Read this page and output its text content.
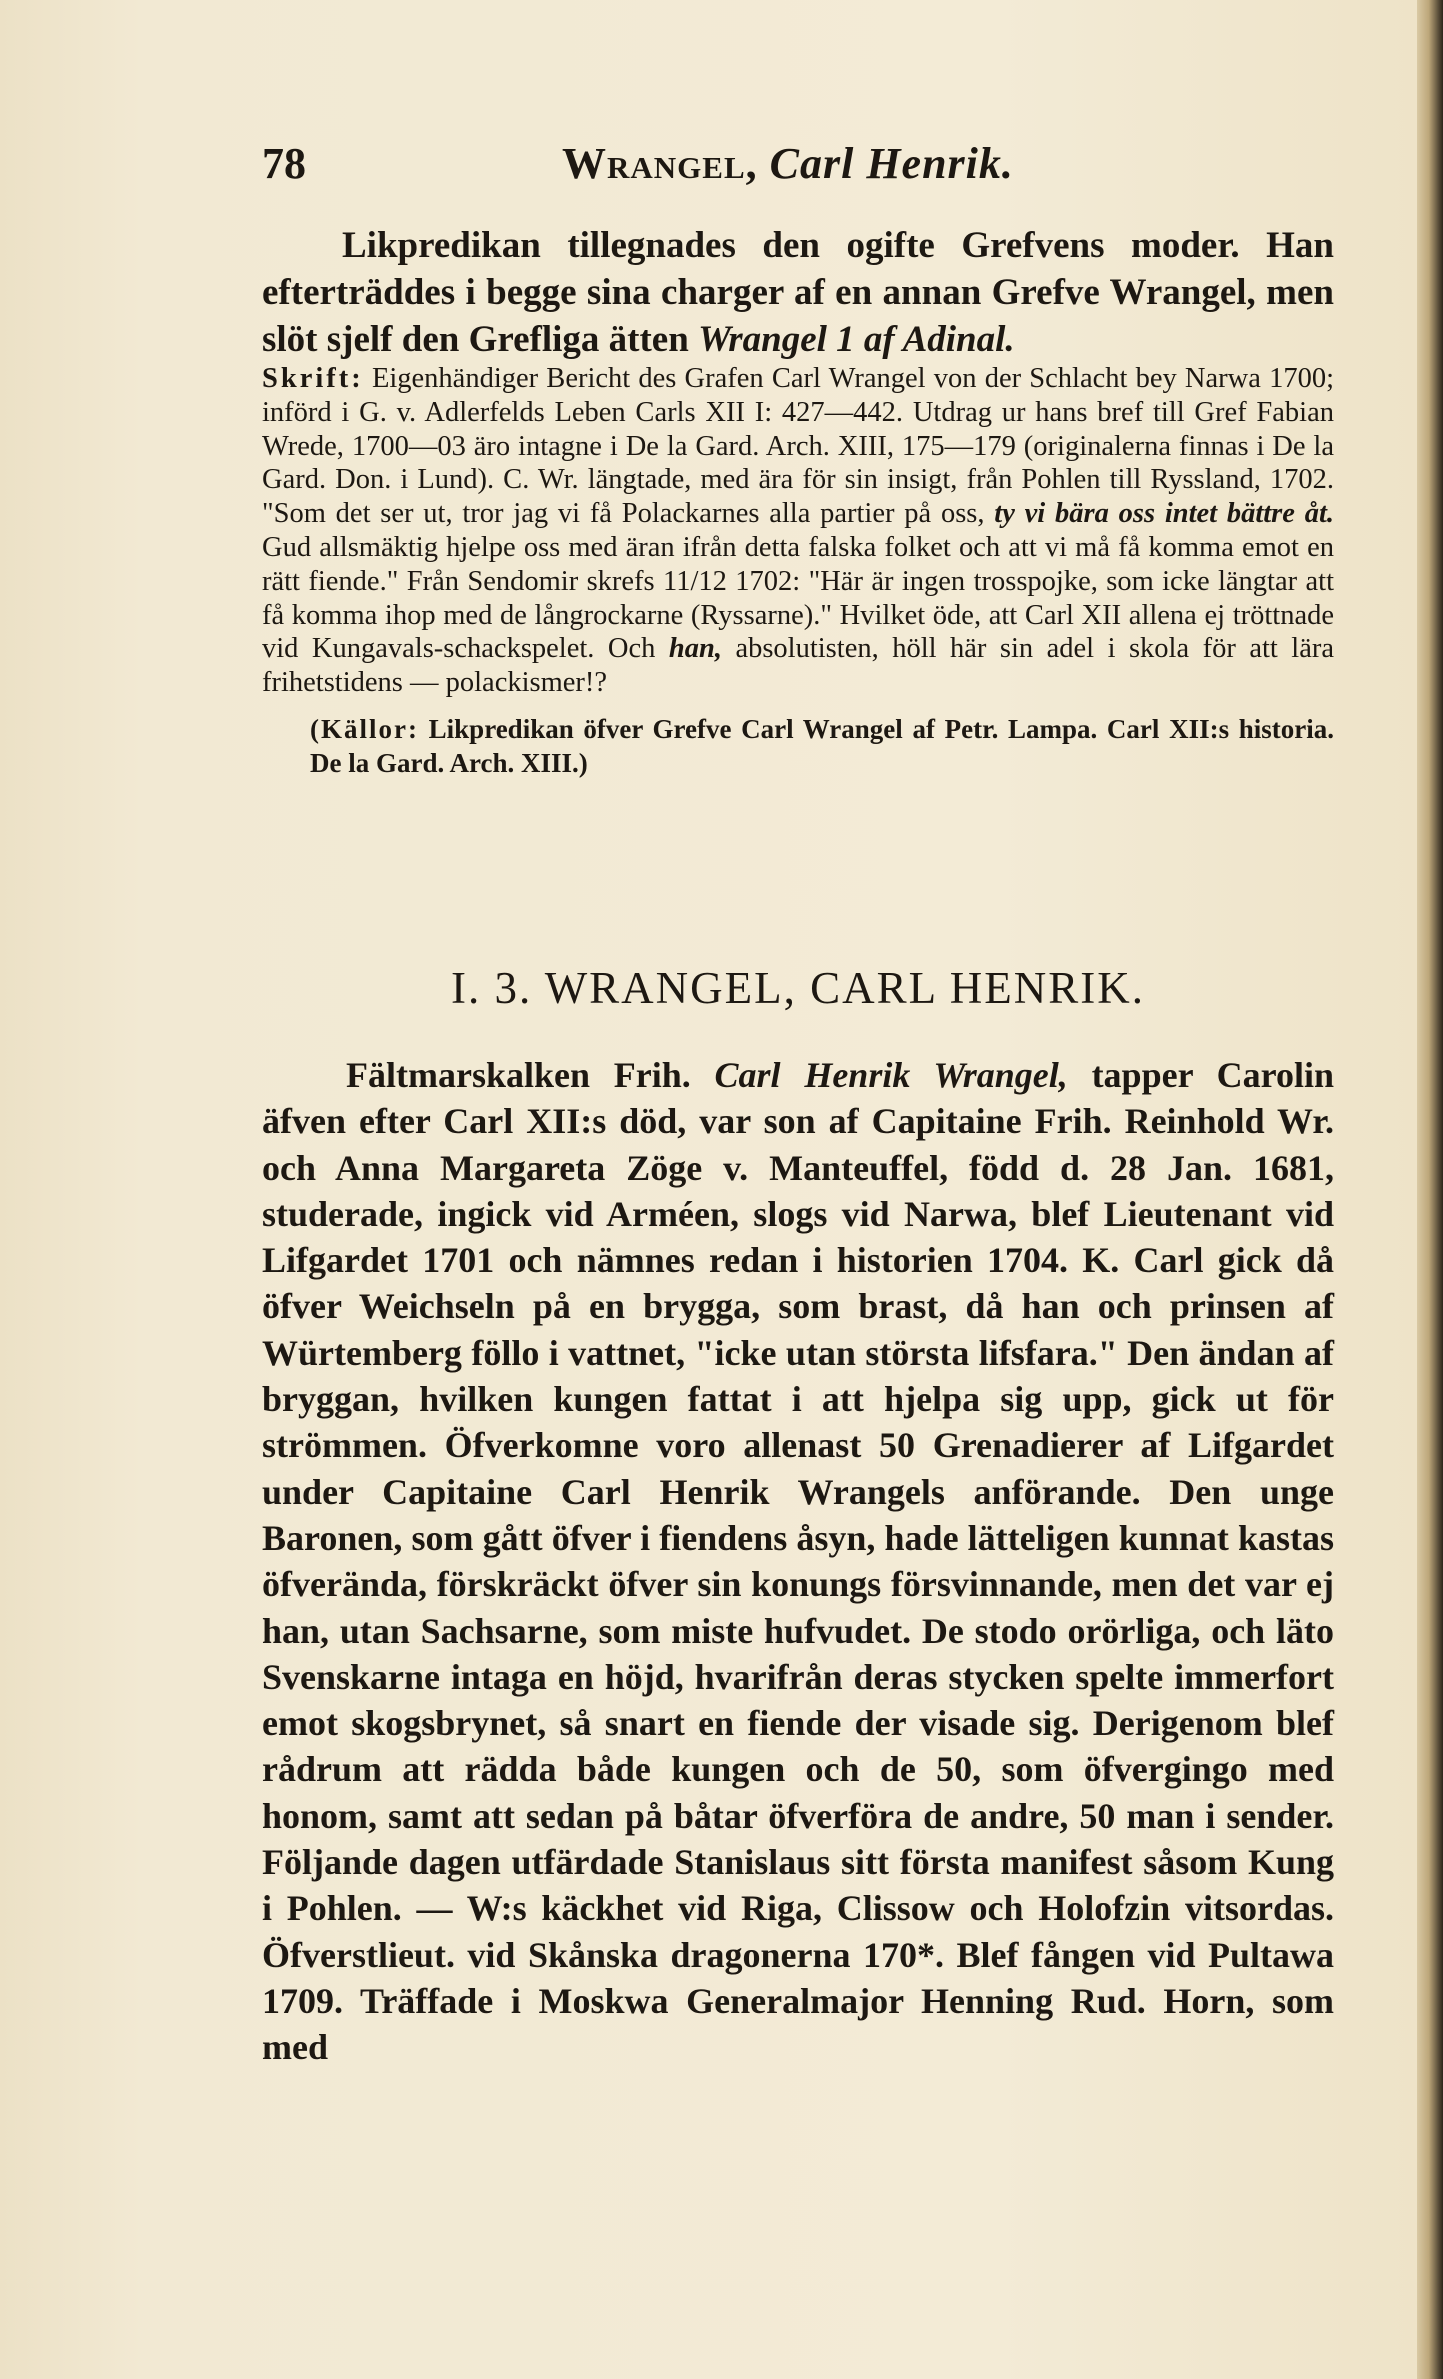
78	Wrangel, Carl Henrik.

Likpredikan tillegnades den ogifte Grefvens moder. Han efterträddes i begge sina charger af en annan Grefve Wrangel, men slöt sjelf den Grefliga ätten Wrangel 1 af Adinal.

Skrift: Eigenhändiger Bericht des Grafen Carl Wrangel von der Schlacht bey Narwa 1700; införd i G. v. Adlerfelds Leben Carls XII I: 427—442. Utdrag ur hans bref till Gref Fabian Wrede, 1700—03 äro intagne i De la Gard. Arch. XIII, 175—179 (originalerna finnas i De la Gard. Don. i Lund). C. Wr. längtade, med ära för sin insigt, från Pohlen till Ryssland, 1702. "Som det ser ut, tror jag vi få Polackarnes alla partier på oss, ty vi bära oss intet bättre åt. Gud allsmäktig hjelpe oss med äran ifrån detta falska folket och att vi må få komma emot en rätt fiende." Från Sendomir skrefs 11/12 1702: "Här är ingen trosspojke, som icke längtar att få komma ihop med de långrockarne (Ryssarne)." Hvilket öde, att Carl XII allena ej tröttnade vid Kungavals-schackspelet. Och han, absolutisten, höll här sin adel i skola för att lära frihetstidens — polackismer!?

(Källor: Likpredikan öfver Grefve Carl Wrangel af Petr. Lampa. Carl XII:s historia. De la Gard. Arch. XIII.)

I. 3. WRANGEL, CARL HENRIK.

Fältmarskalken Frih. Carl Henrik Wrangel, tapper Carolin äfven efter Carl XII:s död, var son af Capitaine Frih. Reinhold Wr. och Anna Margareta Zöge v. Manteuffel, född d. 28 Jan. 1681, studerade, ingick vid Arméen, slogs vid Narwa, blef Lieutenant vid Lifgardet 1701 och nämnes redan i historien 1704. K. Carl gick då öfver Weichseln på en brygga, som brast, då han och prinsen af Würtemberg föllo i vattnet, "icke utan största lifsfara." Den ändan af bryggan, hvilken kungen fattat i att hjelpa sig upp, gick ut för strömmen. Öfverkomne voro allenast 50 Grenadierer af Lifgardet under Capitaine Carl Henrik Wrangels anförande. Den unge Baronen, som gått öfver i fiendens åsyn, hade lätteligen kunnat kastas öfverända, förskräckt öfver sin konungs försvinnande, men det var ej han, utan Sachsarne, som miste hufvudet. De stodo orörliga, och läto Svenskarne intaga en höjd, hvarifrån deras stycken spelte immerfort emot skogsbrynet, så snart en fiende der visade sig. Derigenom blef rådrum att rädda både kungen och de 50, som öfvergingo med honom, samt att sedan på båtar öfverföra de andre, 50 man i sender. Följande dagen utfärdade Stanislaus sitt första manifest såsom Kung i Pohlen. — W:s käckhet vid Riga, Clissow och Holofzin vitsordas. Öfverstlieut. vid Skånska dragonerna 170*. Blef fången vid Pultawa 1709. Träffade i Moskwa Generalmajor Henning Rud. Horn, som med
